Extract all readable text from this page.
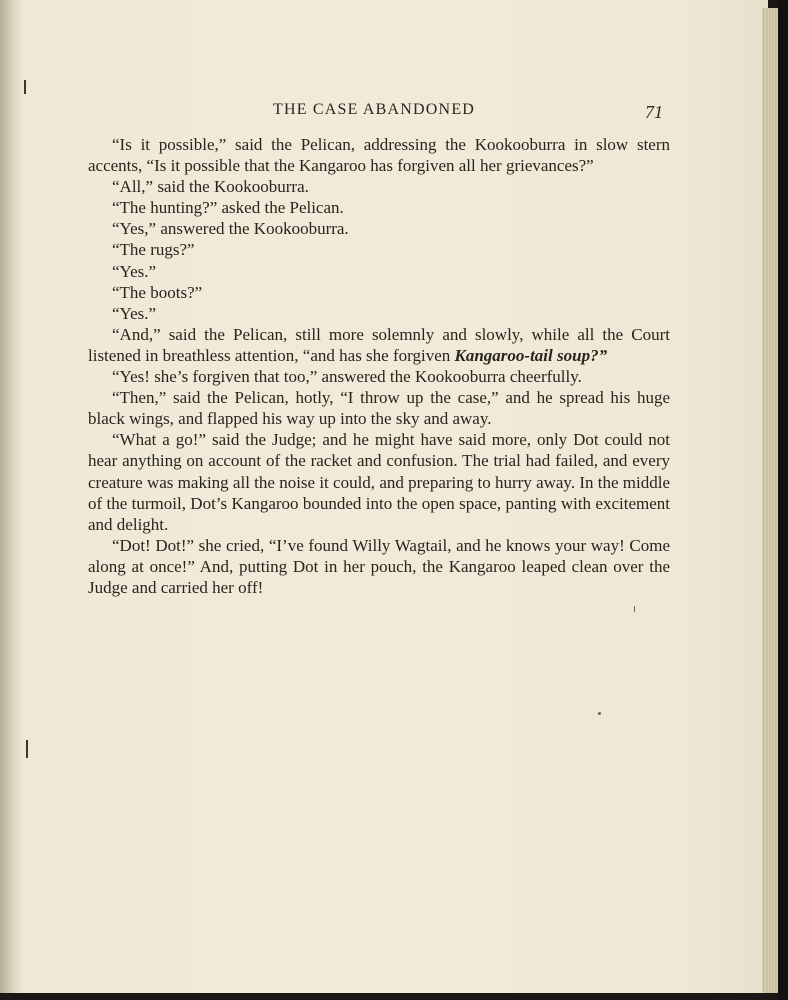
THE CASE ABANDONED	71

“Is it possible,” said the Pelican, addressing the Kookooburra in slow stern accents, “Is it possible that the Kangaroo has forgiven all her grievances?”

“All,” said the Kookooburra.

“The hunting?” asked the Pelican.

“Yes,” answered the Kookooburra.

“The rugs?”

“Yes.”

“The boots?”

“Yes.”

“And,” said the Pelican, still more solemnly and slowly, while all the Court listened in breathless attention, “and has she forgiven Kangaroo-tail soup?”

“Yes! she’s forgiven that too,” answered the Kookooburra cheerfully.

“Then,” said the Pelican, hotly, “I throw up the case,” and he spread his huge black wings, and flapped his way up into the sky and away.

“What a go!” said the Judge; and he might have said more, only Dot could not hear anything on account of the racket and confusion. The trial had failed, and every creature was making all the noise it could, and preparing to hurry away. In the middle of the turmoil, Dot’s Kangaroo bounded into the open space, panting with excitement and delight.

“Dot! Dot!” she cried, “I’ve found Willy Wagtail, and he knows your way! Come along at once!” And, putting Dot in her pouch, the Kangaroo leaped clean over the Judge and carried her off!
